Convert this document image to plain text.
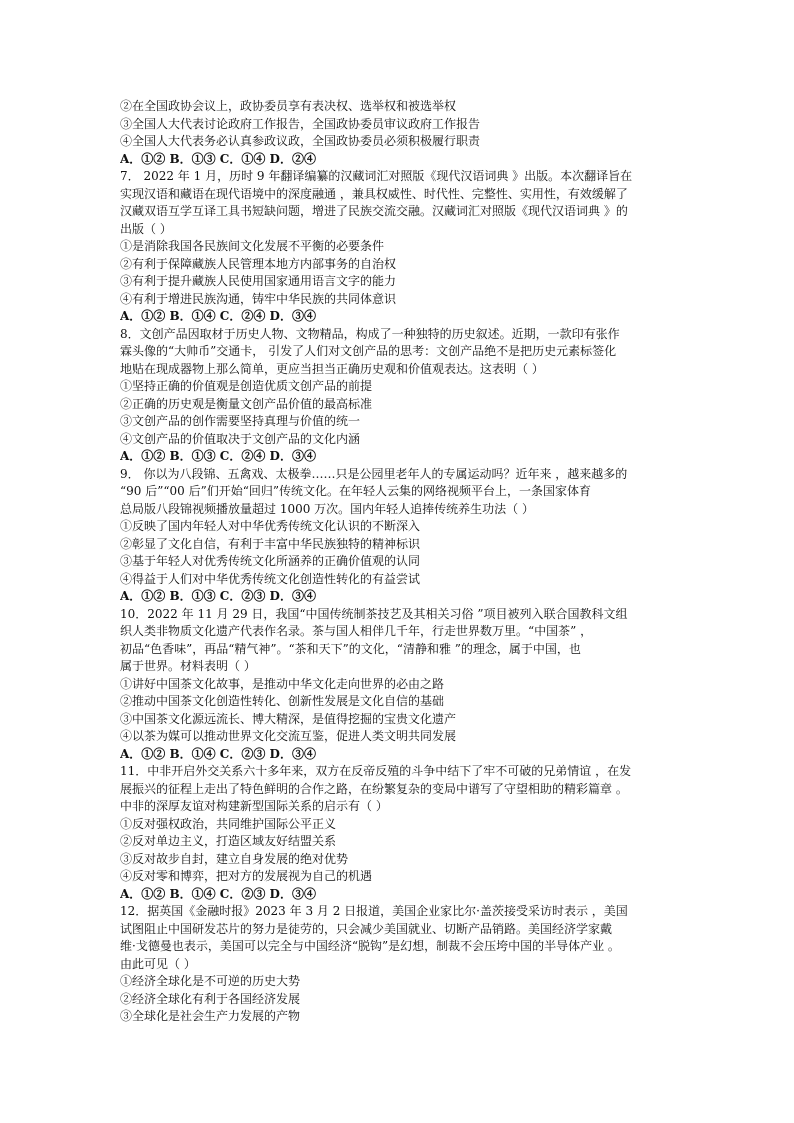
②在全国政协会议上，政协委员享有表决权、选举权和被选举权
③全国人大代表讨论政府工作报告，全国政协委员审议政府工作报告
④全国人大代表务必认真参政议政，全国政协委员必须积极履行职责
A．①② B．①③ C．①④ D．②④
7． 2022 年 1 月，历时 9 年翻译编纂的汉藏词汇对照版《现代汉语词典 》出版。本次翻译旨在
实现汉语和藏语在现代语境中的深度融通 ，兼具权威性、时代性、完整性、实用性，有效缓解了
汉藏双语互学互译工具书短缺问题，增进了民族交流交融。汉藏词汇对照版《现代汉语词典 》的
出版（ ）
①是消除我国各民族间文化发展不平衡的必要条件
②有利于保障藏族人民管理本地方内部事务的自治权
③有利于提升藏族人民使用国家通用语言文字的能力
④有利于增进民族沟通，铸牢中华民族的共同体意识
A．①② B．①④ C．②④ D．③④
8．文创产品因取材于历史人物、文物精品，构成了一种独特的历史叙述。近期，一款印有张作
霖头像的“大帅币”交通卡， 引发了人们对文创产品的思考：文创产品绝不是把历史元素标签化
地贴在现成器物上那么简单，更应当担当正确历史观和价值观表达。这表明（ ）
①坚持正确的价值观是创造优质文创产品的前提
②正确的历史观是衡量文创产品价值的最高标准
③文创产品的创作需要坚持真理与价值的统一
④文创产品的价值取决于文创产品的文化内涵
A．①② B．①③ C．②④ D．③④
9． 你以为八段锦、五禽戏、太极拳……只是公园里老年人的专属运动吗？近年来 ，越来越多的
“90 后”“00 后”们开始“回归”传统文化。在年轻人云集的网络视频平台上，一条国家体育
总局版八段锦视频播放量超过 1000 万次。国内年轻人追捧传统养生功法（ ）
①反映了国内年轻人对中华优秀传统文化认识的不断深入
②彰显了文化自信，有利于丰富中华民族独特的精神标识
③基于年轻人对优秀传统文化所涵养的正确价值观的认同
④得益于人们对中华优秀传统文化创造性转化的有益尝试
A．①② B．①③ C．②③ D．③④
10．2022 年 11 月 29 日，我国“中国传统制茶技艺及其相关习俗 ”项目被列入联合国教科文组
织人类非物质文化遗产代表作名录。茶与国人相伴几千年，行走世界数万里。“中国茶” ，
初品“色香味”，再品“精气神”。“茶和天下”的文化，“清静和雅 ”的理念，属于中国，也
属于世界。材料表明（ ）
①讲好中国茶文化故事，是推动中华文化走向世界的必由之路
②推动中国茶文化创造性转化、创新性发展是文化自信的基础
③中国茶文化源远流长、博大精深，是值得挖掘的宝贵文化遗产
④以茶为媒可以推动世界文化交流互鉴，促进人类文明共同发展
A．①② B．①④ C．②③ D．③④
11．中非开启外交关系六十多年来，双方在反帝反殖的斗争中结下了牢不可破的兄弟情谊 ，在发
展振兴的征程上走出了特色鲜明的合作之路，在纷繁复杂的变局中谱写了守望相助的精彩篇章 。
中非的深厚友谊对构建新型国际关系的启示有（ ）
①反对强权政治，共同维护国际公平正义
②反对单边主义，打造区域友好结盟关系
③反对故步自封，建立自身发展的绝对优势
④反对零和博弈，把对方的发展视为自己的机遇
A．①② B．①④ C．②③ D．③④
12．据英国《金融时报》2023 年 3 月 2 日报道，美国企业家比尔·盖茨接受采访时表示 ，美国
试图阻止中国研发芯片的努力是徒劳的，只会减少美国就业、切断产品销路。美国经济学家戴
维·戈德曼也表示，美国可以完全与中国经济“脱钩”是幻想，制裁不会压垮中国的半导体产业 。
由此可见（ ）
①经济全球化是不可逆的历史大势
②经济全球化有利于各国经济发展
③全球化是社会生产力发展的产物
